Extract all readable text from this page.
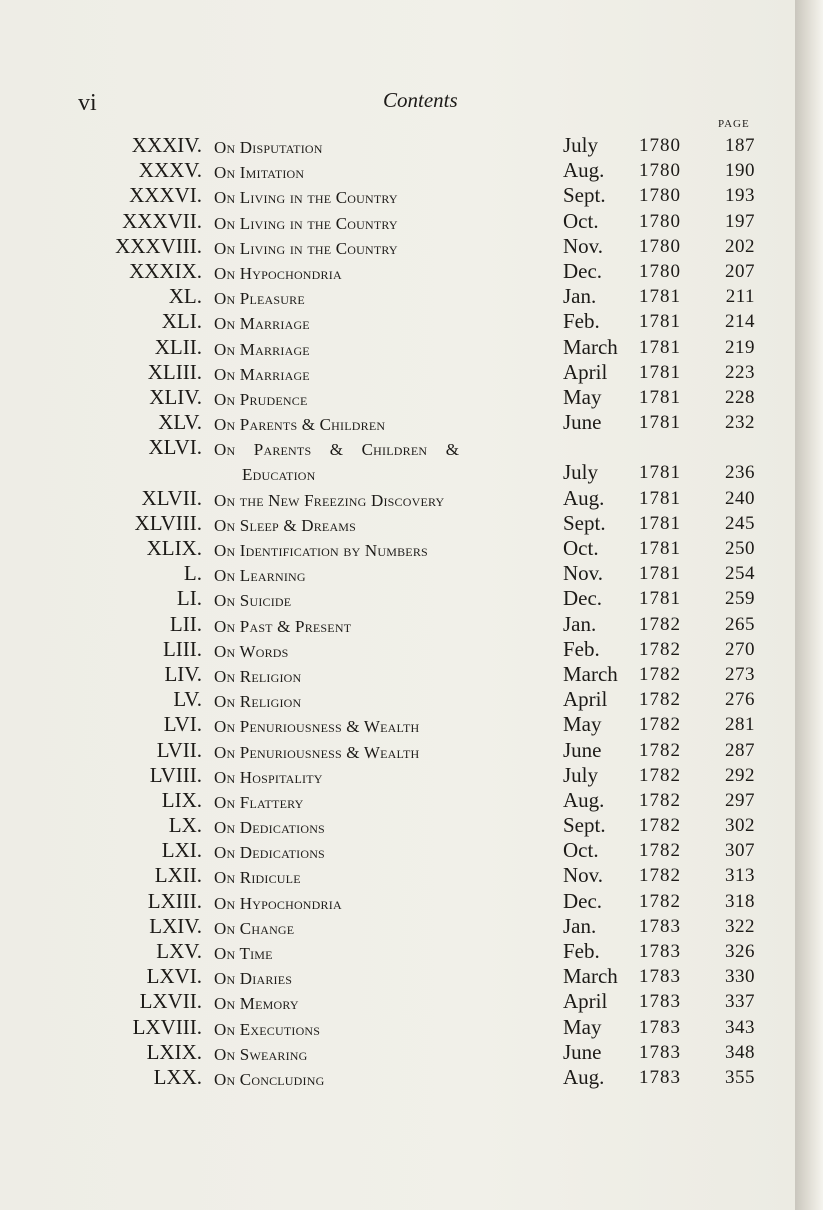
vi	Contents
PAGE
XXXIV. On Disputation	July 1780 187
XXXV. On Imitation	Aug. 1780 190
XXXVI. On Living in the Country	Sept. 1780 193
XXXVII. On Living in the Country	Oct. 1780 197
XXXVIII. On Living in the Country	Nov. 1780 202
XXXIX. On Hypochondria	Dec. 1780 207
XL. On Pleasure	Jan. 1781 211
XLI. On Marriage	Feb. 1781 214
XLII. On Marriage	March 1781 219
XLIII. On Marriage	April 1781 223
XLIV. On Prudence	May 1781 228
XLV. On Parents & Children	June 1781 232
XLVI. On Parents & Children &
Education	July 1781 236
XLVII. On the New Freezing Discovery	Aug. 1781 240
XLVIII. On Sleep & Dreams	Sept. 1781 245
XLIX. On Identification by Numbers	Oct. 1781 250
L. On Learning	Nov. 1781 254
LI. On Suicide	Dec. 1781 259
LII. On Past & Present	Jan. 1782 265
LIII. On Words	Feb. 1782 270
LIV. On Religion	March 1782 273
LV. On Religion	April 1782 276
LVI. On Penuriousness & Wealth	May 1782 281
LVII. On Penuriousness & Wealth	June 1782 287
LVIII. On Hospitality	July 1782 292
LIX. On Flattery	Aug. 1782 297
LX. On Dedications	Sept. 1782 302
LXI. On Dedications	Oct. 1782 307
LXII. On Ridicule	Nov. 1782 313
LXIII. On Hypochondria	Dec. 1782 318
LXIV. On Change	Jan. 1783 322
LXV. On Time	Feb. 1783 326
LXVI. On Diaries	March 1783 330
LXVII. On Memory	April 1783 337
LXVIII. On Executions	May 1783 343
LXIX. On Swearing	June 1783 348
LXX. On Concluding	Aug. 1783 355
